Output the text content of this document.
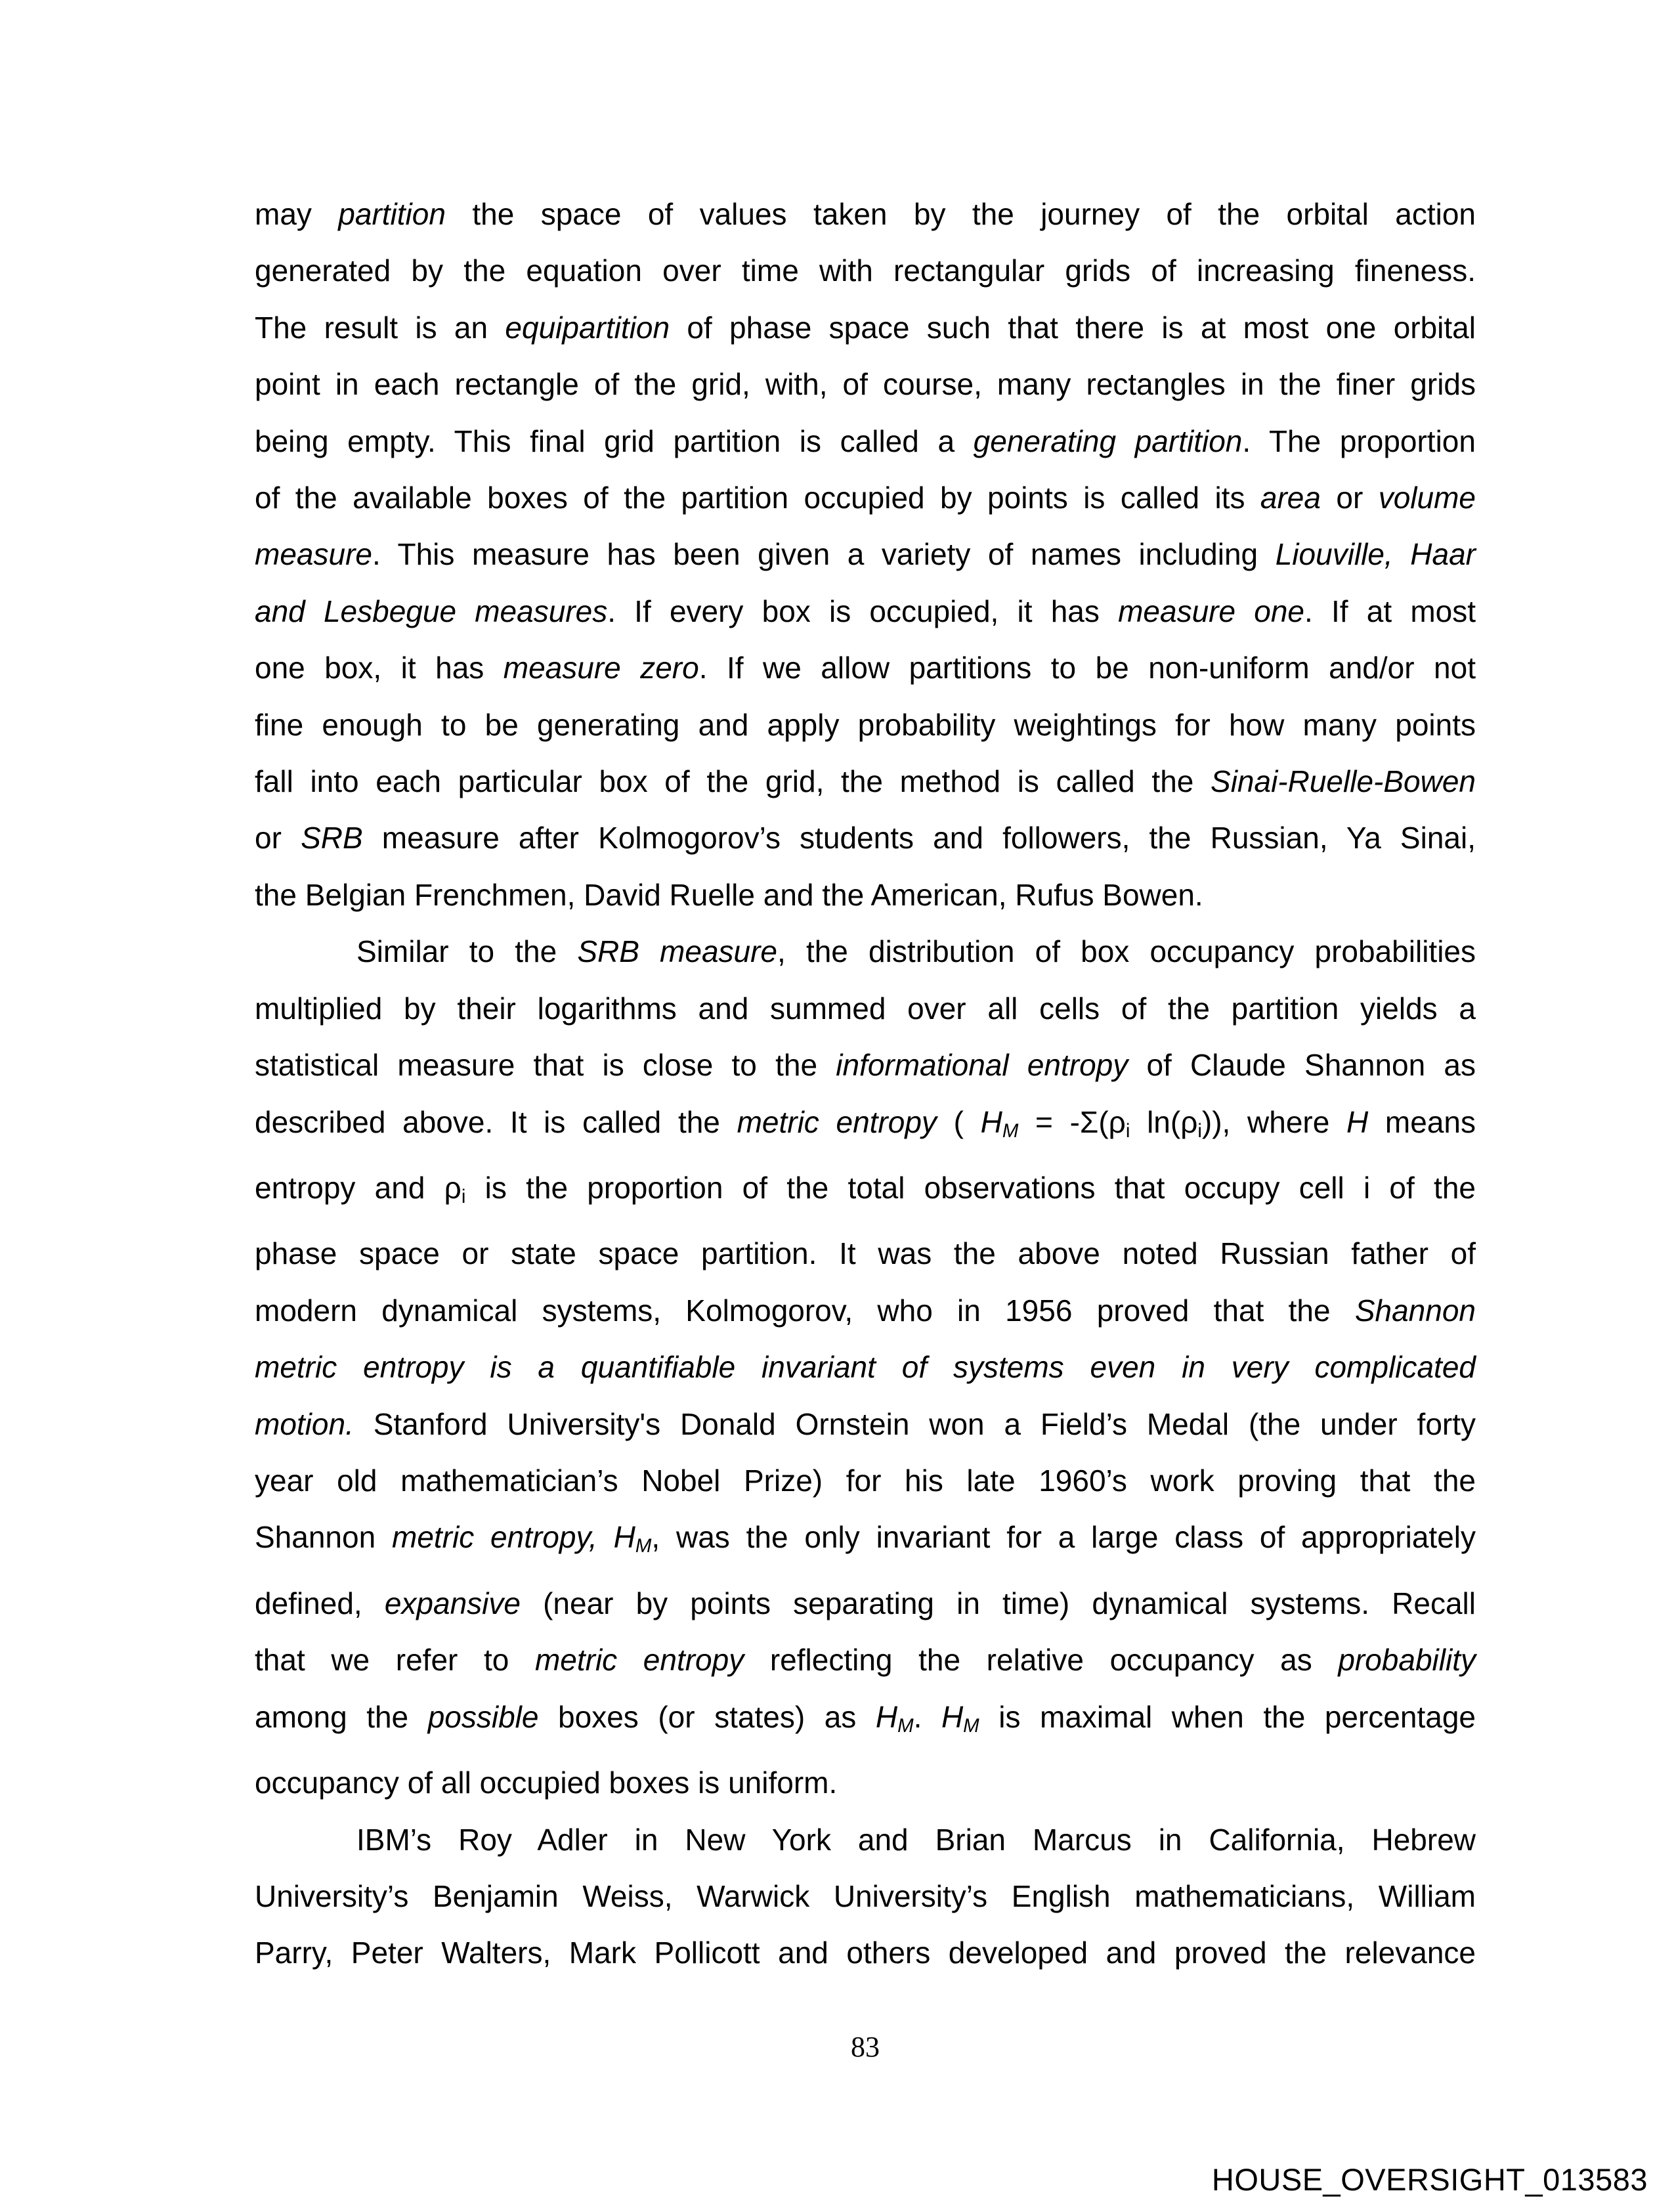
may partition the space of values taken by the journey of the orbital action
generated by the equation over time with rectangular grids of increasing fineness.
The result is an equipartition of phase space such that there is at most one orbital
point in each rectangle of the grid, with, of course, many rectangles in the finer grids
being empty. This final grid partition is called a generating partition. The proportion
of the available boxes of the partition occupied by points is called its area or volume
measure. This measure has been given a variety of names including Liouville, Haar
and Lesbegue measures. If every box is occupied, it has measure one. If at most
one box, it has measure zero. If we allow partitions to be non-uniform and/or not
fine enough to be generating and apply probability weightings for how many points
fall into each particular box of the grid, the method is called the Sinai-Ruelle-Bowen
or SRB measure after Kolmogorov’s students and followers, the Russian, Ya Sinai,
the Belgian Frenchmen, David Ruelle and the American, Rufus Bowen.
Similar to the SRB measure, the distribution of box occupancy probabilities
multiplied by their logarithms and summed over all cells of the partition yields a
statistical measure that is close to the informational entropy of Claude Shannon as
described above. It is called the metric entropy ( HM = -Σ(ρi ln(ρi)), where H means
entropy and ρi is the proportion of the total observations that occupy cell i of the
phase space or state space partition. It was the above noted Russian father of
modern dynamical systems, Kolmogorov, who in 1956 proved that the Shannon
metric entropy is a quantifiable invariant of systems even in very complicated
motion. Stanford University's Donald Ornstein won a Field’s Medal (the under forty
year old mathematician’s Nobel Prize) for his late 1960’s work proving that the
Shannon metric entropy, HM, was the only invariant for a large class of appropriately
defined, expansive (near by points separating in time) dynamical systems. Recall
that we refer to metric entropy reflecting the relative occupancy as probability
among the possible boxes (or states) as HM. HM is maximal when the percentage
occupancy of all occupied boxes is uniform.
IBM’s Roy Adler in New York and Brian Marcus in California, Hebrew
University’s Benjamin Weiss, Warwick University’s English mathematicians, William
Parry, Peter Walters, Mark Pollicott and others developed and proved the relevance
83
HOUSE_OVERSIGHT_013583
